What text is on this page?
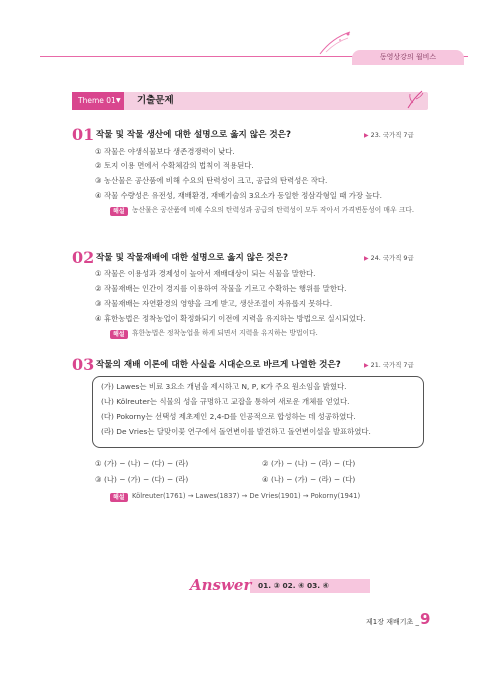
동영상강의 월비스
Theme 01 ▼ 기출문제
01 작물 및 작물 생산에 대한 설명으로 옳지 않은 것은?	▶ 23. 국가직 7급
① 작물은 야생식물보다 생존경쟁력이 낮다.
② 토지 이용 면에서 수확체감의 법칙이 적용된다.
③ 농산물은 공산품에 비해 수요의 탄력성이 크고, 공급의 탄력성은 작다.
④ 작물 수량성은 유전성, 재배환경, 재배기술의 3요소가 동일한 정삼각형일 때 가장 높다.
해설	농산물은 공산품에 비해 수요의 탄력성과 공급의 탄력성이 모두 작아서 가격변동성이 매우 크다.
02 작물 및 작물재배에 대한 설명으로 옳지 않은 것은?	▶ 24. 국가직 9급
① 작물은 이용성과 경제성이 높아서 재배대상이 되는 식물을 말한다.
② 작물재배는 인간이 경지를 이용하여 작물을 기르고 수확하는 행위를 말한다.
③ 작물재배는 자연환경의 영향을 크게 받고, 생산조절이 자유롭지 못하다.
④ 휴한농법은 정착농업이 확정화되기 이전에 지력을 유지하는 방법으로 실시되었다.
해설	휴한농법은 정착농업을 하게 되면서 지력을 유지하는 방법이다.
03 작물의 재배 이론에 대한 사실을 시대순으로 바르게 나열한 것은?	▶ 21. 국가직 7급
(가) Lawes는 비료 3요소 개념을 제시하고 N, P, K가 주요 원소임을 밝혔다.
(나) Kölreuter는 식물의 성을 규명하고 교잡을 통하여 새로운 개체를 얻었다.
(다) Pokorny는 선택성 제초제인 2,4-D를 인공적으로 합성하는 데 성공하였다.
(라) De Vries는 달맞이꽃 연구에서 돌연변이를 발견하고 돌연변이설을 발표하였다.
① (가) − (나) − (다) − (라)	② (가) − (나) − (라) − (다)
③ (나) − (가) − (다) − (라)	④ (나) − (가) − (라) − (다)
해설	Kölreuter(1761) → Lawes(1837) → De Vries(1901) → Pokorny(1941)
Answer 01. ③ 02. ④ 03. ④
제1장 재배기초 _ 9
